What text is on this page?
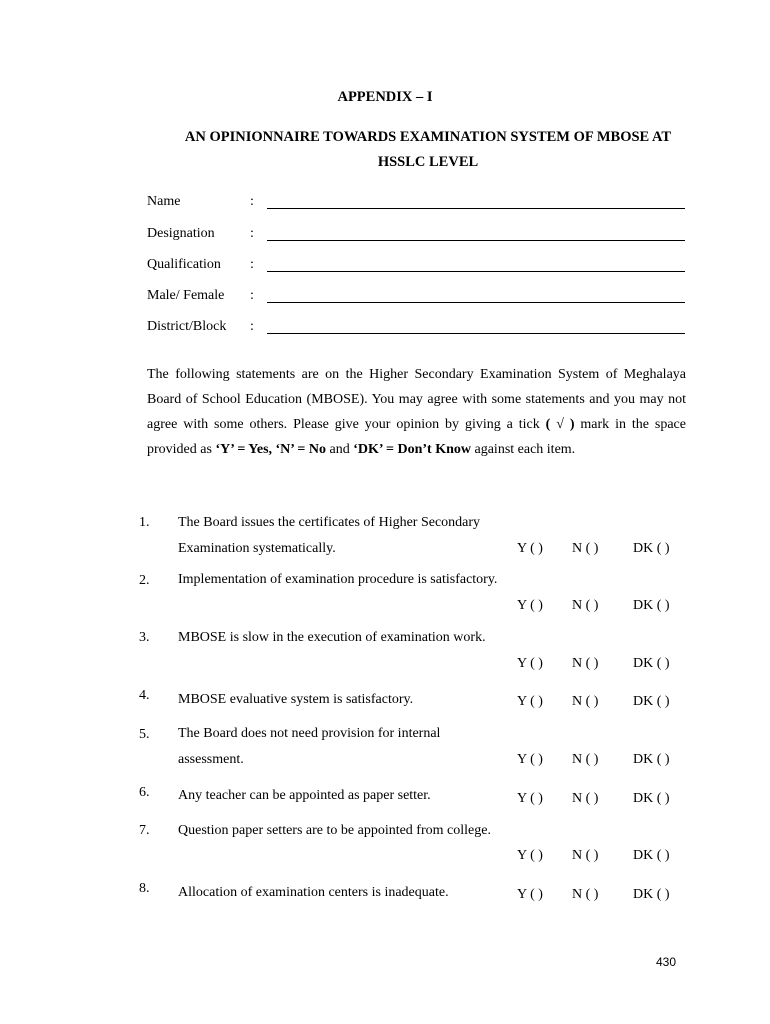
APPENDIX – I
AN OPINIONNAIRE TOWARDS EXAMINATION SYSTEM OF MBOSE AT
HSSLC LEVEL
Name	:
Designation	:
Qualification	:
Male/ Female	:
District/Block	:
The following statements are on the Higher Secondary Examination System of Meghalaya Board of School Education (MBOSE). You may agree with some statements and you may not agree with some others. Please give your opinion by giving a tick ( √ ) mark in the space provided as ‘Y’ = Yes, ‘N’ = No and ‘DK’ = Don’t Know against each item.
1. The Board issues the certificates of Higher Secondary Examination systematically.	Y ( ) N ( ) DK ( )
2. Implementation of examination procedure is satisfactory.
Y ( ) N ( ) DK ( )
3. MBOSE is slow in the execution of examination work.
Y ( ) N ( ) DK ( )
4. MBOSE evaluative system is satisfactory.	Y ( ) N ( ) DK ( )
5. The Board does not need provision for internal assessment.	Y ( ) N ( ) DK ( )
6. Any teacher can be appointed as paper setter.	Y ( ) N ( ) DK ( )
7. Question paper setters are to be appointed from college.
Y ( ) N ( ) DK ( )
8. Allocation of examination centers is inadequate.	Y ( ) N ( ) DK ( )
430
